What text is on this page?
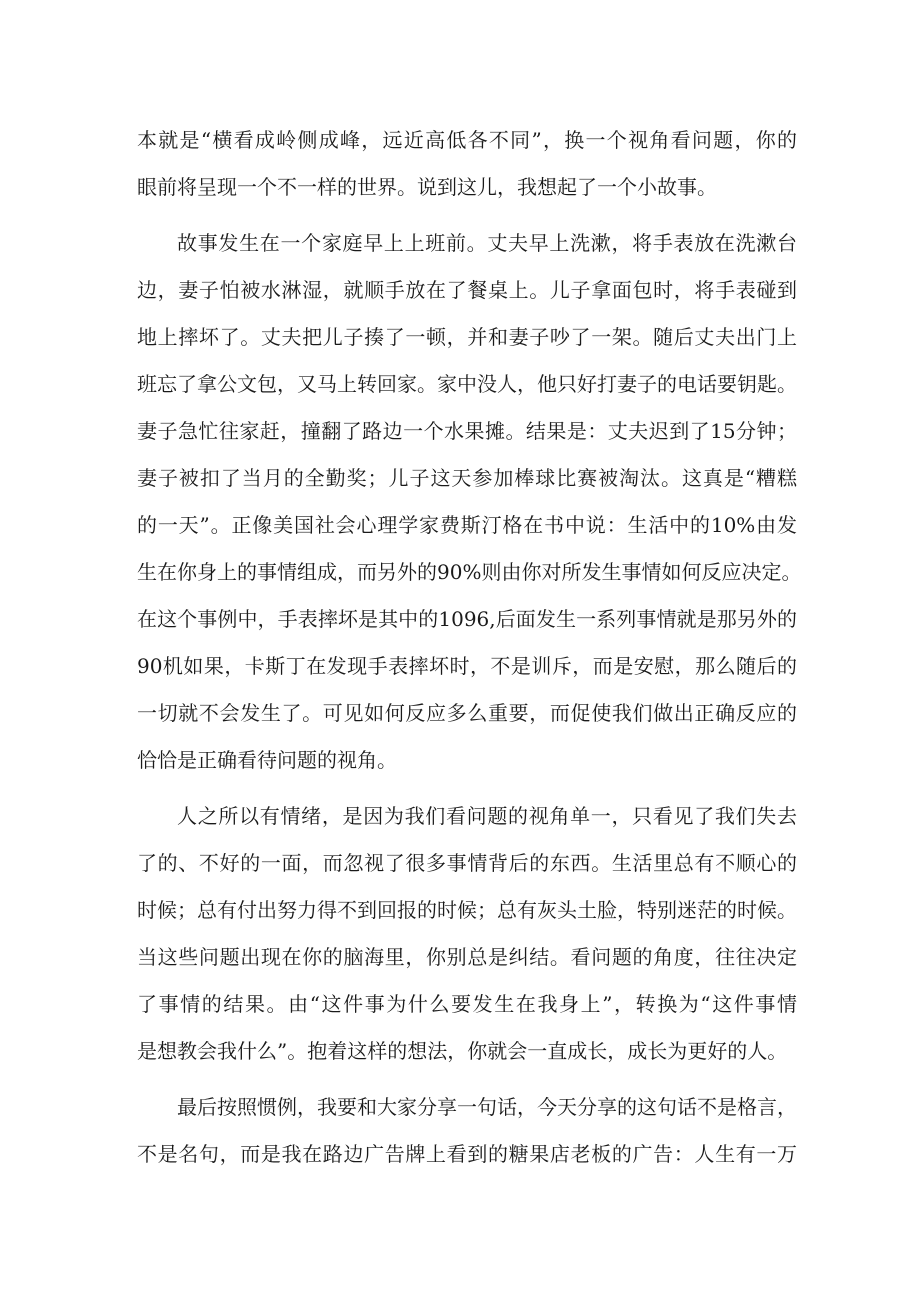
本就是“横看成岭侧成峰，远近高低各不同”，换一个视角看问题，你的
眼前将呈现一个不一样的世界。说到这儿，我想起了一个小故事。
故事发生在一个家庭早上上班前。丈夫早上洗漱，将手表放在洗漱台
边，妻子怕被水淋湿，就顺手放在了餐桌上。儿子拿面包时，将手表碰到
地上摔坏了。丈夫把儿子揍了一顿，并和妻子吵了一架。随后丈夫出门上
班忘了拿公文包，又马上转回家。家中没人，他只好打妻子的电话要钥匙。
妻子急忙往家赶，撞翻了路边一个水果摊。结果是：丈夫迟到了15分钟；
妻子被扣了当月的全勤奖；儿子这天参加棒球比赛被淘汰。这真是“糟糕
的一天”。正像美国社会心理学家费斯汀格在书中说：生活中的10%由发
生在你身上的事情组成，而另外的90%则由你对所发生事情如何反应决定。
在这个事例中，手表摔坏是其中的1096,后面发生一系列事情就是那另外的
90机如果，卡斯丁在发现手表摔坏时，不是训斥，而是安慰，那么随后的
一切就不会发生了。可见如何反应多么重要，而促使我们做出正确反应的
恰恰是正确看待问题的视角。
人之所以有情绪，是因为我们看问题的视角单一，只看见了我们失去
了的、不好的一面，而忽视了很多事情背后的东西。生活里总有不顺心的
时候；总有付出努力得不到回报的时候；总有灰头土脸，特别迷茫的时候。
当这些问题出现在你的脑海里，你别总是纠结。看问题的角度，往往决定
了事情的结果。由“这件事为什么要发生在我身上”，转换为“这件事情
是想教会我什么”。抱着这样的想法，你就会一直成长，成长为更好的人。
最后按照惯例，我要和大家分享一句话，今天分享的这句话不是格言，
不是名句，而是我在路边广告牌上看到的糖果店老板的广告：人生有一万
